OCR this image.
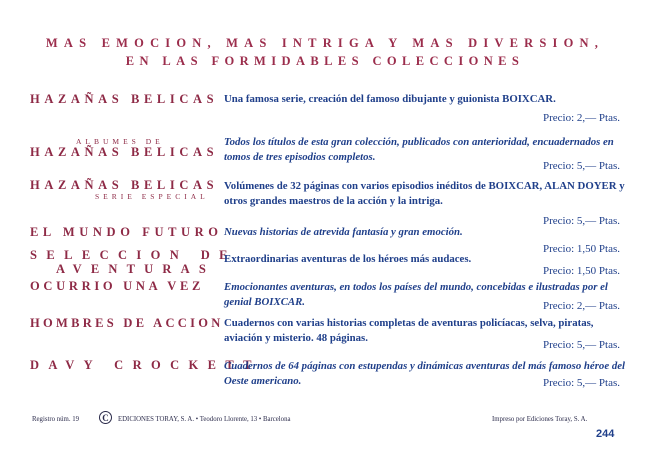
MAS EMOCION, MAS INTRIGA Y MAS DIVERSION,
EN LAS FORMIDABLES COLECCIONES
HAZAÑAS BELICAS Una famosa serie, creación del famoso dibujante y guionista BOIXCAR.
Precio: 2,— Ptas.
ALBUMES DE
HAZAÑAS BELICAS
Todos los títulos de esta gran colección, publicados con anterioridad, encuadernados en tomos de tres episodios completos.
Precio: 5,— Ptas.
HAZAÑAS BELICAS
SERIE ESPECIAL
Volúmenes de 32 páginas con varios episodios inéditos de BOIXCAR, ALAN DOYER y otros grandes maestros de la acción y la intriga.
Precio: 5,— Ptas.
EL MUNDO FUTURO Nuevas historias de atrevida fantasía y gran emoción.
Precio: 1,50 Ptas.
SELECCION DE
AVENTURAS
Extraordinarias aventuras de los héroes más audaces.
Precio: 1,50 Ptas.
OCURRIO UNA VEZ Emocionantes aventuras, en todos los países del mundo, concebidas e ilustradas por el genial BOIXCAR.	Precio: 2,— Ptas.
HOMBRES DE ACCION Cuadernos con varias historias completas de aventuras policíacas, selva, piratas, aviación y misterio. 48 páginas.
Precio: 5,— Ptas.
DAVY CROCKETT
Cuadernos de 64 páginas con estupendas y dinámicas aventuras del más famoso héroe del Oeste americano.	Precio: 5,— Ptas.
Registro núm. 19	C	EDICIONES TORAY, S. A. • Teodoro Llorente, 13 • Barcelona	Impreso por Ediciones Toray, S. A.
244
